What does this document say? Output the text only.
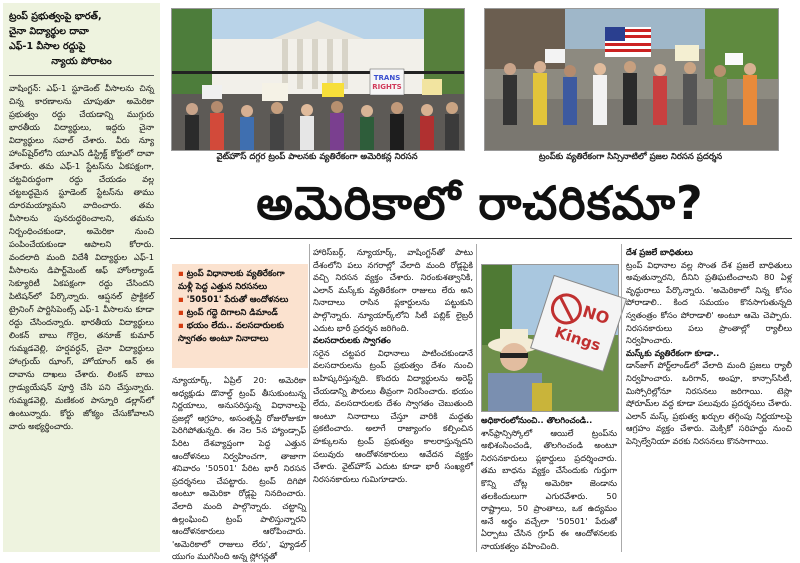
ట్రంప్ ప్రభుత్వంపై భారత్,
చైనా విద్యార్థుల దావా
ఎఫ్-1 వీసాల రద్దుపై
న్యాయ పోరాటం
వాషింగ్టన్: ఎఫ్-1 స్టూడెంట్ వీసాలను చిన్న చిన్న కారణాలను చూపుతూ అమెరికా ప్రభుత్వం రద్దు చేయడాన్ని ముగ్గురు భారతీయ విద్యార్థులు, ఇద్దరు చైనా విద్యార్థులు సవాల్ చేశారు. వీరు న్యూ హాంప్‌షైర్‌లోని యూఎస్ డిస్ట్రిక్ట్ కోర్టులో దావా వేశారు. తమ ఎఫ్-1 స్టేటస్‌ను ఏకపక్షంగా, చట్టవిరుద్ధంగా రద్దు చేయడం వల్ల చట్టబద్ధమైన స్టూడెంట్ స్టేటస్‌ను తాము దూరమయ్యామని వాదించారు. తమ వీసాలను పునరుద్ధరించాలని, తమను నిర్బంధించకుండా, అమెరికా నుంచి పంపించేయకుండా ఆపాలని కోరారు. వందలాది మంది విదేశీ విద్యార్థుల ఎఫ్-1 వీసాలను డిపార్ట్‌మెంట్ ఆఫ్ హోంల్యాండ్ సెక్యూరిటీ ఏకపక్షంగా రద్దు చేసిందని పిటిషన్‌లో పేర్కొన్నారు. ఆప్షనల్ ప్రాక్టికల్ ట్రైనింగ్ పార్టిసిపెంట్స్ ఎఫ్-1 వీసాలను కూడా రద్దు చేసిందన్నారు. భారతీయ విద్యార్థులు లింకన్ బాబు గొర్రెల, తనూజ్ కుమార్ గుమ్మడవెల్లి, హర్షవర్ధన్, చైనా విద్యార్థులు హాంగ్రుయ్ ఝాంగ్, హోయాంగ్ ఆన్ ఈ దావాను దాఖలు చేశారు. లింకన్ బాబు గ్రాడ్యుయేషన్ పూర్తి చేసి పని చేస్తున్నారు. గుమ్మడవెల్లి, మణికంఠ పాస్నూరి డల్లాస్‌లో ఉంటున్నారు. కోర్టు జోక్యం చేసుకోవాలని వారు అభ్యర్థించారు.
TRANS
RIGHTS
వైట్‌హౌస్ దగ్గర ట్రంప్ పాలనకు వ్యతిరేకంగా అమెరికన్ల నిరసన	ట్రంప్‌కు వ్యతిరేకంగా సిన్సినాటిలో ప్రజల నిరసన ప్రదర్శన
అమెరికాలో రాచరికమా?
▪ ట్రంప్ విధానాలకు వ్యతిరేకంగా
మళ్లీ పెద్ద ఎత్తున నిరసనలు
▪ '50501' పేరుతో ఆందోళనలు
▪ ట్రంప్ గద్దె దిగాలని డిమాండ్
▪ భయం లేదు.. వలసదారులకు
స్వాగతం అంటూ నినాదాలు

న్యూయార్క్, ఏప్రిల్ 20: అమెరికా అధ్యక్షుడు డొనాల్డ్ ట్రంప్ తీసుకుంటున్న నిర్ణయాలు, అనుసరిస్తున్న విధానాలపై ప్రజల్లో ఆగ్రహం, అసంతృప్తి రోజురోజుకూ పెరిగిపోతున్నది. ఈ నెల 5న హ్యాండ్సాఫ్ పేరిట దేశవ్యాప్తంగా పెద్ద ఎత్తున ఆందోళనలు నిర్వహించగా, తాజాగా శనివారం '50501' పేరిట భారీ నిరసన ప్రదర్శనలు చేపట్టారు. ట్రంప్ దిగిపో అంటూ అమెరికా రోడ్లపై నినదించారు. వేలాది మంది పాల్గొన్నారు. చట్టాన్ని ఉల్లంఘించి ట్రంప్ పాలిస్తున్నారని ఆందోళనకారులు ఆరోపించారు. 'అమెరికాలో రాజులు లేరు', ఫ్యూడల్ యుగం ముగిసింది అన్న స్లోగన్లతో

హారిస్‌బర్గ్, న్యూయార్క్, వాషింగ్టన్‌తో పాటు దేశంలోని పలు నగరాల్లో వేలాది మంది రోడ్లపైకి వచ్చి నిరసన వ్యక్తం చేశారు. నిరంకుశత్వానికి, ఎలాన్ మస్క్‌కు వ్యతిరేకంగా రాజులు లేరు అని నినాదాలు రాసిన ప్లకార్డులను పట్టుకుని పాల్గొన్నారు. న్యూయార్క్‌లోని సిటీ పబ్లిక్ లైబ్రరీ ఎదుట భారీ ప్రదర్శన జరిగింది.

వలసదారులకు స్వాగతం

సరైన చట్టపర విధానాలు పాటించకుండానే వలసదారులను ట్రంప్ ప్రభుత్వం దేశం నుంచి బహిష్కరిస్తున్నది. కొందరు విద్యార్థులను అరెస్ట్ చేయడాన్ని పౌరులు తీవ్రంగా నిరసించారు. భయం లేదు, వలసదారులకు దేశం స్వాగతం చెబుతుంది అంటూ నినాదాలు చేస్తూ వారికి మద్దతు ప్రకటించారు. అలాగే రాజ్యాంగం కల్పించిన హక్కులను ట్రంప్ ప్రభుత్వం కాలరాస్తున్నదని పలువురు ఆందోళనకారులు ఆవేదన వ్యక్తం చేశారు. వైట్‌హౌస్ ఎదుట కూడా భారీ సంఖ్యలో నిరసనకారులు గుమిగూడారు.

NO
Kings

అధికారంలోనుంచి.. తొలగించండి..

శాన్‌ఫ్రాన్సిస్కోలో ఆయిలే ట్రంప్‌ను అభిశంసించండి, తొలగించండి అంటూ నిరసనకారులు ప్లకార్డులు ప్రదర్శించారు. తమ బాధను వ్యక్తం చేసేందుకు గుర్తుగా కొన్ని చోట్ల అమెరికా జెండాను తలకిందులుగా ఎగురవేశారు. 50 రాష్ట్రాలు, 50 ప్రాంతాలు, ఒక ఉద్యమం అనే అర్థం వచ్చేలా '50501' పేరుతో ఏర్పాటు చేసిన గ్రూప్ ఈ ఆందోళనలకు నాయకత్వం వహించింది.

దేశ ప్రజలే బాధితులు

ట్రంప్ విధానాల వల్ల సొంత దేశ ప్రజలే బాధితులు అవుతున్నారని, దీనిని ప్రతిఘటించాలని 80 ఏళ్ల వృద్ధురాలు పేర్కొన్నారు. 'అమెరికాలో నిన్న కోసం పోరాడాలి.. కింద సమయం కొనసాగుతున్నది స్వతంత్రం కోసం పోరాడాలి' అంటూ ఆమె చెప్పారు. నిరసనకారులు పలు ప్రాంతాల్లో ర్యాలీలు నిర్వహించారు.

మస్క్‌కు వ్యతిరేకంగా కూడా..

డాన్‌జాగ్ పోర్ట్‌లాండ్‌లో వేలాది మంది ప్రజలు ర్యాలీ నిర్వహించారు. ఒరిగాన్, అంఫూ, కాన్సాస్‌సిటీ, మిస్సోరిల్లోనూ నిరసనలు జరిగాయి. టెస్లా షోరూమ్‌ల వద్ద కూడా పలువురు ప్రదర్శనలు చేశారు. ఎలాన్ మస్క్ ప్రభుత్వ ఖర్చుల తగ్గింపు నిర్ణయాలపై ఆగ్రహం వ్యక్తం చేశారు. మెక్సికో సరిహద్దు నుంచి పెన్సిల్వేనియా వరకు నిరసనలు కొనసాగాయి.
